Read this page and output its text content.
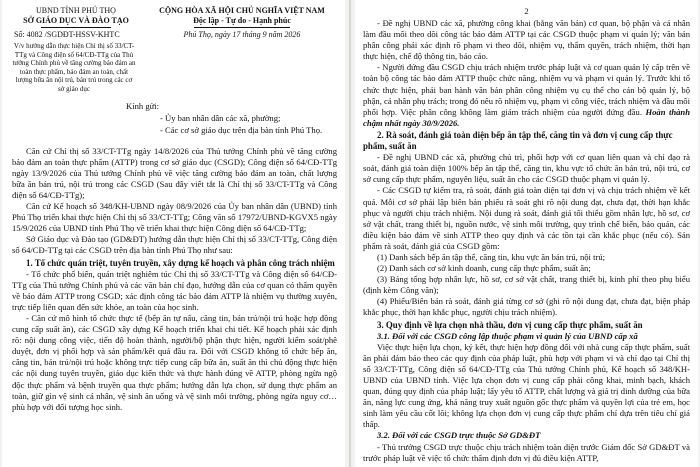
UBND TỈNH PHÚ THỌ
SỞ GIÁO DỤC VÀ ĐÀO TẠO
CỘNG HÒA XÃ HỘI CHỦ NGHĨA VIỆT NAM
Độc lập - Tự do - Hạnh phúc
Số: 4082 /SGDĐT-HSSV-KHTC	Phú Thọ, ngày 17 tháng 9 năm 2026
V/v hướng dẫn thực hiện Chỉ thị số 33/CT-TTg và Công điện số 64/CĐ-TTg của Thủ tướng Chính phủ về tăng cường bảo đảm an toàn thực phẩm, bảo đảm an toàn, chất lượng bữa ăn nội trú, bán trú trong các cơ sở giáo dục
Kính gửi:
- Ủy ban nhân dân các xã, phường;
- Các cơ sở giáo dục trên địa bàn tỉnh Phú Thọ.

Căn cứ Chỉ thị số 33/CT-TTg ngày 14/8/2026 của Thủ tướng Chính phủ về tăng cường bảo đảm an toàn thực phẩm (ATTP) trong cơ sở giáo dục (CSGD); Công điện số 64/CĐ-TTg ngày 13/9/2026 của Thủ tướng Chính phủ về việc tăng cường bảo đảm an toàn, chất lượng bữa ăn bán trú, nội trú trong các CSGD (Sau đây viết tắt là Chỉ thị số 33/CT-TTg và Công điện số 64/CĐ-TTg);

Căn cứ Kế hoạch số 348/KH-UBND ngày 08/9/2026 của Ủy ban nhân dân (UBND) tỉnh Phú Thọ triển khai thực hiện Chỉ thị số 33/CT-TTg; Công văn số 17972/UBND-KGVX5 ngày 15/9/2026 của UBND tỉnh Phú Thọ về triển khai thực hiện Công điện số 64/CĐ-TTg;

Sở Giáo dục và Đào tạo (GD&ĐT) hướng dẫn thực hiện Chỉ thị số 33/CT-TTg, Công điện số 64/CĐ-TTg tại các CSGD trên địa bàn tỉnh Phú Thọ như sau:

1. Tổ chức quán triệt, tuyên truyền, xây dựng kế hoạch và phân công trách nhiệm

- Tổ chức phổ biến, quán triệt nghiêm túc Chỉ thị số 33/CT-TTg và Công điện số 64/CĐ-TTg của Thủ tướng Chính phủ và các văn bản chỉ đạo, hướng dẫn của cơ quan có thẩm quyền về bảo đảm ATTP trong CSGD; xác định công tác bảo đảm ATTP là nhiệm vụ thường xuyên, trực tiếp liên quan đến sức khỏe, an toàn của học sinh.

- Căn cứ mô hình tổ chức thực tế (bếp ăn tự nấu, căng tin, bán trú/nội trú hoặc hợp đồng cung cấp suất ăn), các CSGD xây dựng Kế hoạch triển khai chi tiết. Kế hoạch phải xác định rõ: nội dung công việc, tiến độ hoàn thành, người/bộ phận thực hiện, người kiểm soát/phê duyệt, đơn vị phối hợp và sản phẩm/kết quả đầu ra. Đối với CSGD không tổ chức bếp ăn, căng tin, bán trú/nội trú hoặc không trực tiếp cung cấp bữa ăn, suất ăn thì chủ động thực hiện các nội dung tuyên truyền, giáo dục kiến thức và thực hành đúng về ATTP, phòng ngừa ngộ độc thực phẩm và bệnh truyền qua thực phẩm; hướng dẫn lựa chọn, sử dụng thực phẩm an toàn, giữ gìn vệ sinh cá nhân, vệ sinh ăn uống và vệ sinh môi trường, phòng ngừa nguy cơ…phù hợp với đối tượng học sinh.

2

- Đề nghị UBND các xã, phường công khai (bằng văn bản) cơ quan, bộ phận và cá nhân làm đầu mối theo dõi công tác bảo đảm ATTP tại các CSGD thuộc phạm vi quản lý; văn bản phân công phải xác định rõ phạm vi theo dõi, nhiệm vụ, thẩm quyền, trách nhiệm, thời hạn thực hiện, chế độ thông tin, báo cáo.

- Người đứng đầu CSGD chịu trách nhiệm trước pháp luật và cơ quan quản lý cấp trên về toàn bộ công tác bảo đảm ATTP thuộc chức năng, nhiệm vụ và phạm vi quản lý. Trước khi tổ chức thực hiện, phải ban hành văn bản phân công nhiệm vụ cụ thể cho cán bộ quản lý, bộ phận, cá nhân phụ trách; trong đó nêu rõ nhiệm vụ, phạm vi công việc, trách nhiệm và đầu mối phối hợp. Việc phân công không làm giảm trách nhiệm của người đứng đầu. Hoàn thành chậm nhất ngày 30/9/2026.

2. Rà soát, đánh giá toàn diện bếp ăn tập thể, căng tin và đơn vị cung cấp thực phẩm, suất ăn

- Đề nghị UBND các xã, phường chủ trì, phối hợp với cơ quan liên quan và chỉ đạo rà soát, đánh giá toàn diện 100% bếp ăn tập thể, căng tin, khu vực tổ chức ăn bán trú, nội trú, cơ sở cung cấp thực phẩm, nguyên liệu, suất ăn cho các CSGD thuộc phạm vi quản lý.

- Các CSGD tự kiểm tra, rà soát, đánh giá toàn diện tại đơn vị và chịu trách nhiệm về kết quả. Mỗi cơ sở phải lập biên bản phiếu rà soát ghi rõ nội dung đạt, chưa đạt, thời hạn khắc phục và người chịu trách nhiệm. Nội dung rà soát, đánh giá tối thiểu gồm nhân lực, hồ sơ, cơ sở vật chất, trang thiết bị, nguồn nước, vệ sinh môi trường, quy trình chế biến, bảo quản, các điều kiện bảo đảm về sinh ATTP theo quy định và các tồn tại cần khắc phục (nếu có). Sản phẩm rà soát, đánh giá của CSGD gồm:

(1) Danh sách bếp ăn tập thể, căng tin, khu vực ăn bán trú, nội trú;

(2) Danh sách cơ sở kinh doanh, cung cấp thực phẩm, suất ăn;

(3) Bảng tổng hợp nhân lực, hồ sơ, cơ sở vật chất, trang thiết bị, kinh phí theo phụ biểu (định kèm Công văn);

(4) Phiếu/Biên bản rà soát, đánh giá từng cơ sở (ghi rõ nội dung đạt, chưa đạt, biện pháp khắc phục, thời hạn khắc phục, người chịu trách nhiệm).

3. Quy định về lựa chọn nhà thầu, đơn vị cung cấp thực phẩm, suất ăn
3.1. Đối với các CSGD công lập thuộc phạm vi quản lý của UBND cấp xã

Việc thực hiện lựa chọn, ký kết, thực hiện hợp đồng đối với nhà cung cấp thực phẩm, suất ăn phải đảm bảo theo các quy định của pháp luật, phù hợp với phạm vi và chỉ đạo tại Chỉ thị số 33/CT-TTg, Công điện số 64/CĐ-TTg của Thủ tướng Chính phủ, Kế hoạch số 348/KH-UBND của UBND tỉnh. Việc lựa chọn đơn vị cung cấp phải công khai, minh bạch, khách quan, đúng quy định của pháp luật; lấy yêu tố ATTP, chất lượng và giá trị dinh dưỡng của bữa ăn, năng lực cung ứng, khả năng truy xuất nguồn gốc thực phẩm và quyền lợi của trẻ em, học sinh làm yêu cầu cốt lõi; không lựa chọn đơn vị cung cấp thực phẩm chỉ dựa trên tiêu chí giá thấp.

3.2. Đối với các CSGD trực thuộc Sở GD&ĐT

- Thủ trưởng CSGD trực thuộc chịu trách nhiệm toàn diện trước Giám đốc Sở GD&ĐT và trước pháp luật về việc tổ chức thẩm định đơn vị đủ điều kiện ATTP,
